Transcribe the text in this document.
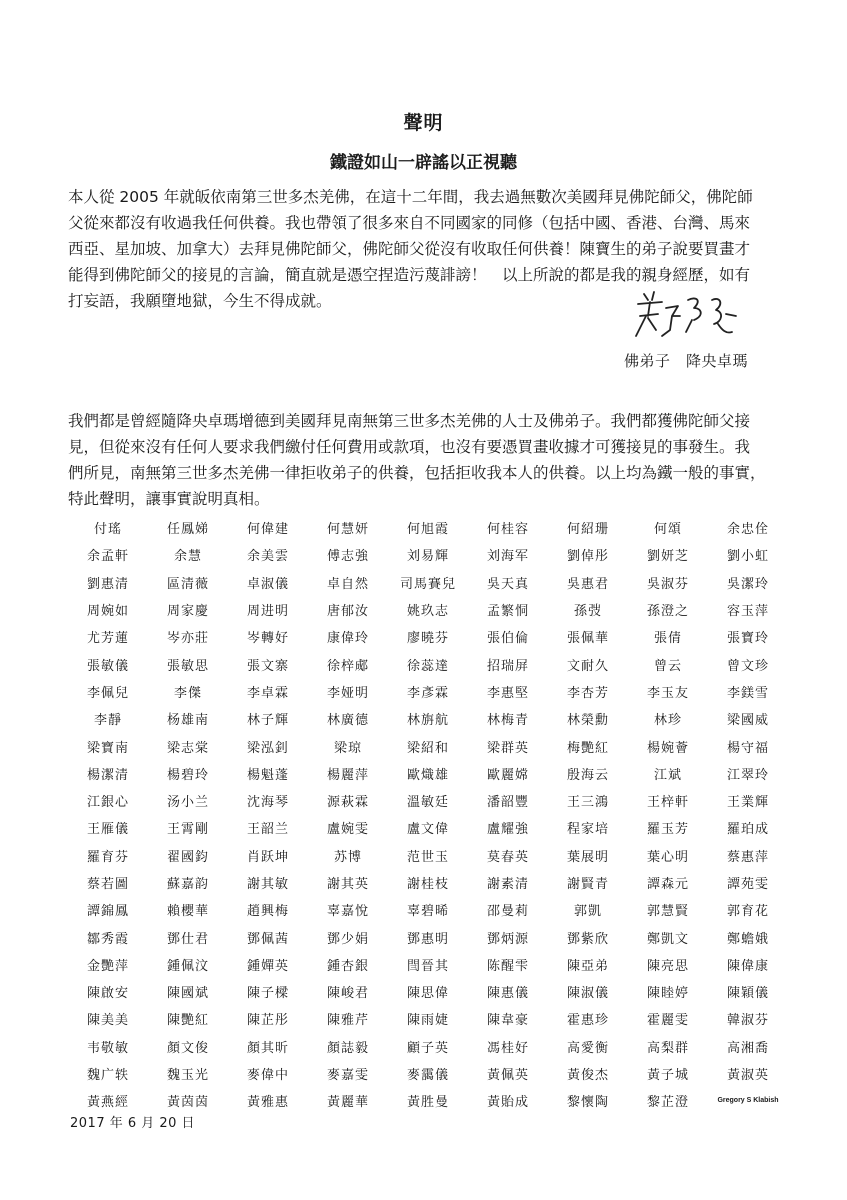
聲明
鐵證如山一辟謠以正視聽

本人從 2005 年就皈依南第三世多杰羌佛，在這十二年間，我去過無數次美國拜見佛陀師父，佛陀師

父從來都沒有收過我任何供養。我也帶領了很多來自不同國家的同修（包括中國、香港、台灣、馬來

西亞、星加坡、加拿大）去拜見佛陀師父，佛陀師父從沒有收取任何供養！陳寶生的弟子說要買畫才

能得到佛陀師父的接見的言論，簡直就是憑空捏造污蔑誹謗！　以上所說的都是我的親身經歷，如有

打妄語，我願墮地獄，今生不得成就。

佛弟子　降央卓瑪

我們都是曾經隨降央卓瑪增德到美國拜見南無第三世多杰羌佛的人士及佛弟子。我們都獲佛陀師父接

見，但從來沒有任何人要求我們繳付任何費用或款項，也沒有要憑買畫收據才可獲接見的事發生。我

們所見，南無第三世多杰羌佛一律拒收弟子的供養，包括拒收我本人的供養。以上均為鐵一般的事實，

特此聲明，讓事實說明真相。

付瑤	任鳳娣	何偉建	何慧妍	何旭霞	何桂容	何紹珊	何頌	余忠佺
余孟軒	余慧	余美雲	傅志強	刘易輝	刘海军	劉倬彤	劉妍芝	劉小虹
劉惠清	區清薇	卓淑儀	卓自然	司馬賽兒	吳天真	吳惠君	吳淑芬	吳潔玲
周婉如	周家慶	周进明	唐郁汝	姚玖志	孟繁恫	孫弢	孫澄之	容玉萍
尤芳蓮	岑亦莊	岑轉好	康偉玲	廖曉芬	張伯倫	張佩華	張倩	張寶玲
張敏儀	張敏思	張文寨	徐梓郕	徐蕊達	招瑞屏	文耐久	曾云	曾文珍
李佩兒	李傑	李卓霖	李娅明	李彥霖	李惠堅	李杏芳	李玉友	李鎂雪
李靜	杨雄南	林子輝	林廣德	林旃航	林梅青	林榮勳	林珍	梁國威
梁寶南	梁志棠	梁泓釗	梁琼	梁紹和	梁群英	梅艷紅	楊婉薈	楊守福
楊潔清	楊碧玲	楊魁蓬	楊麗萍	歐熾雄	歐麗嫦	殷海云	江斌	江翠玲
江銀心	汤小兰	沈海琴	源萩霖	溫敏廷	潘韶豐	王三鴻	王梓軒	王業輝
王雁儀	王霄剛	王韶兰	盧婉雯	盧文偉	盧耀強	程家培	羅玉芳	羅珀成
羅育芬	翟國鈞	肖跃坤	苏博	范世玉	莫春英	葉展明	葉心明	蔡惠萍
蔡若圖	蘇嘉韵	謝其敏	謝其英	謝桂枝	謝素清	謝賢青	譚森元	譚苑雯
譚錦鳳	賴櫻華	趙興梅	辜嘉悅	辜碧晞	邵曼莉	郭凱	郭慧賢	郭育花
鄒秀霞	鄧仕君	鄧佩茜	鄧少娟	鄧惠明	鄧炳源	鄧紫欣	鄭凱文	鄭蟾娥
金艷萍	鍾佩汶	鍾嬋英	鍾杏銀	閆晉其	陈醒雫	陳亞弟	陳亮思	陳偉康
陳啟安	陳國斌	陳子樑	陳峻君	陳思偉	陳惠儀	陳淑儀	陳睦婷	陳穎儀
陳美美	陳艷紅	陳芷彤	陳雅芹	陳雨婕	陳韋豪	霍惠珍	霍麗雯	韓淑芬
韦敬敏	顏文俊	顏其昕	顏誌毅	顧子英	馮桂好	高愛衡	高梨群	高湘喬
魏广轶	魏玉光	麥偉中	麥嘉雯	麥靄儀	黃佩英	黃俊杰	黃子城	黃淑英
黃燕經	黃茵茵	黃雅惠	黃麗華	黃胜曼	黃貽成	黎懷陶	黎芷澄	Gregory S Klabish
2017 年 6 月 20 日
